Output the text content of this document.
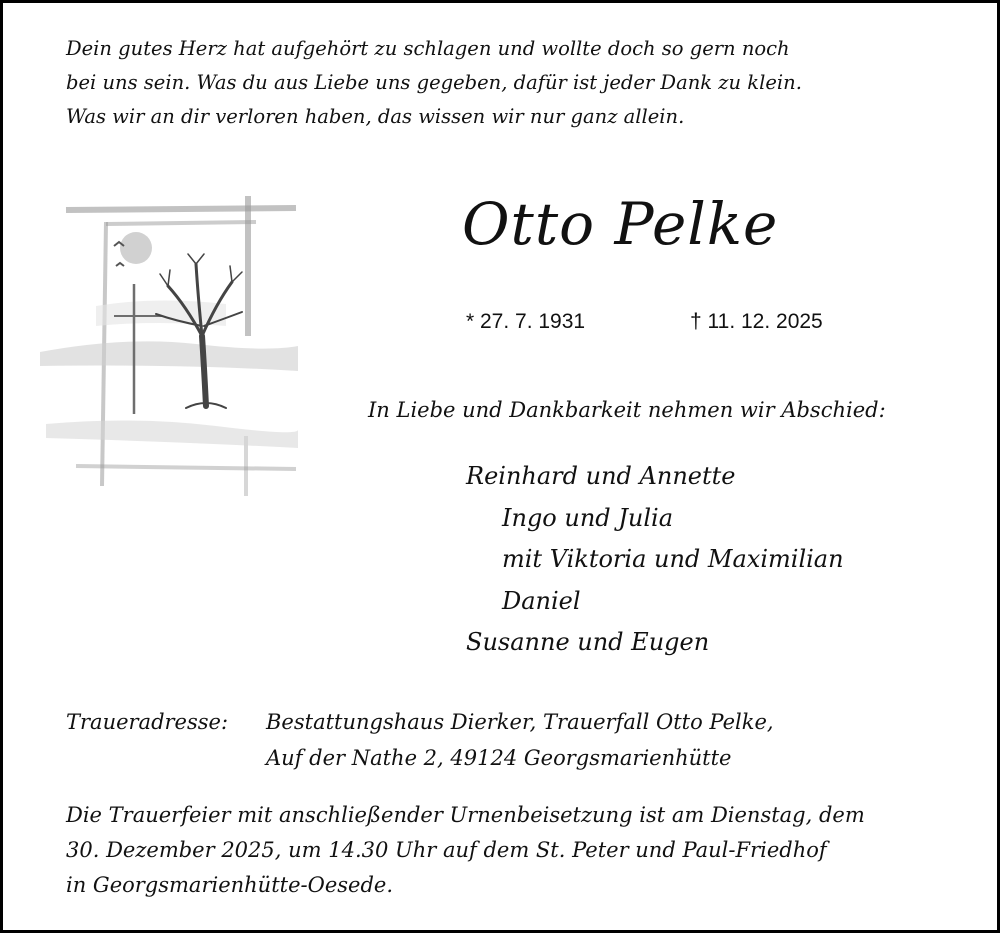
Dein gutes Herz hat aufgehört zu schlagen und wollte doch so gern noch
bei uns sein. Was du aus Liebe uns gegeben, dafür ist jeder Dank zu klein.
Was wir an dir verloren haben, das wissen wir nur ganz allein.
Otto Pelke
* 27. 7. 1931	† 11. 12. 2025
In Liebe und Dankbarkeit nehmen wir Abschied:
Reinhard und Annette
Ingo und Julia
mit Viktoria und Maximilian
Daniel
Susanne und Eugen
Traueradresse: Bestattungshaus Dierker, Trauerfall Otto Pelke,
Auf der Nathe 2, 49124 Georgsmarienhütte
Die Trauerfeier mit anschließender Urnenbeisetzung ist am Dienstag, dem
30. Dezember 2025, um 14.30 Uhr auf dem St. Peter und Paul-Friedhof
in Georgsmarienhütte-Oesede.
